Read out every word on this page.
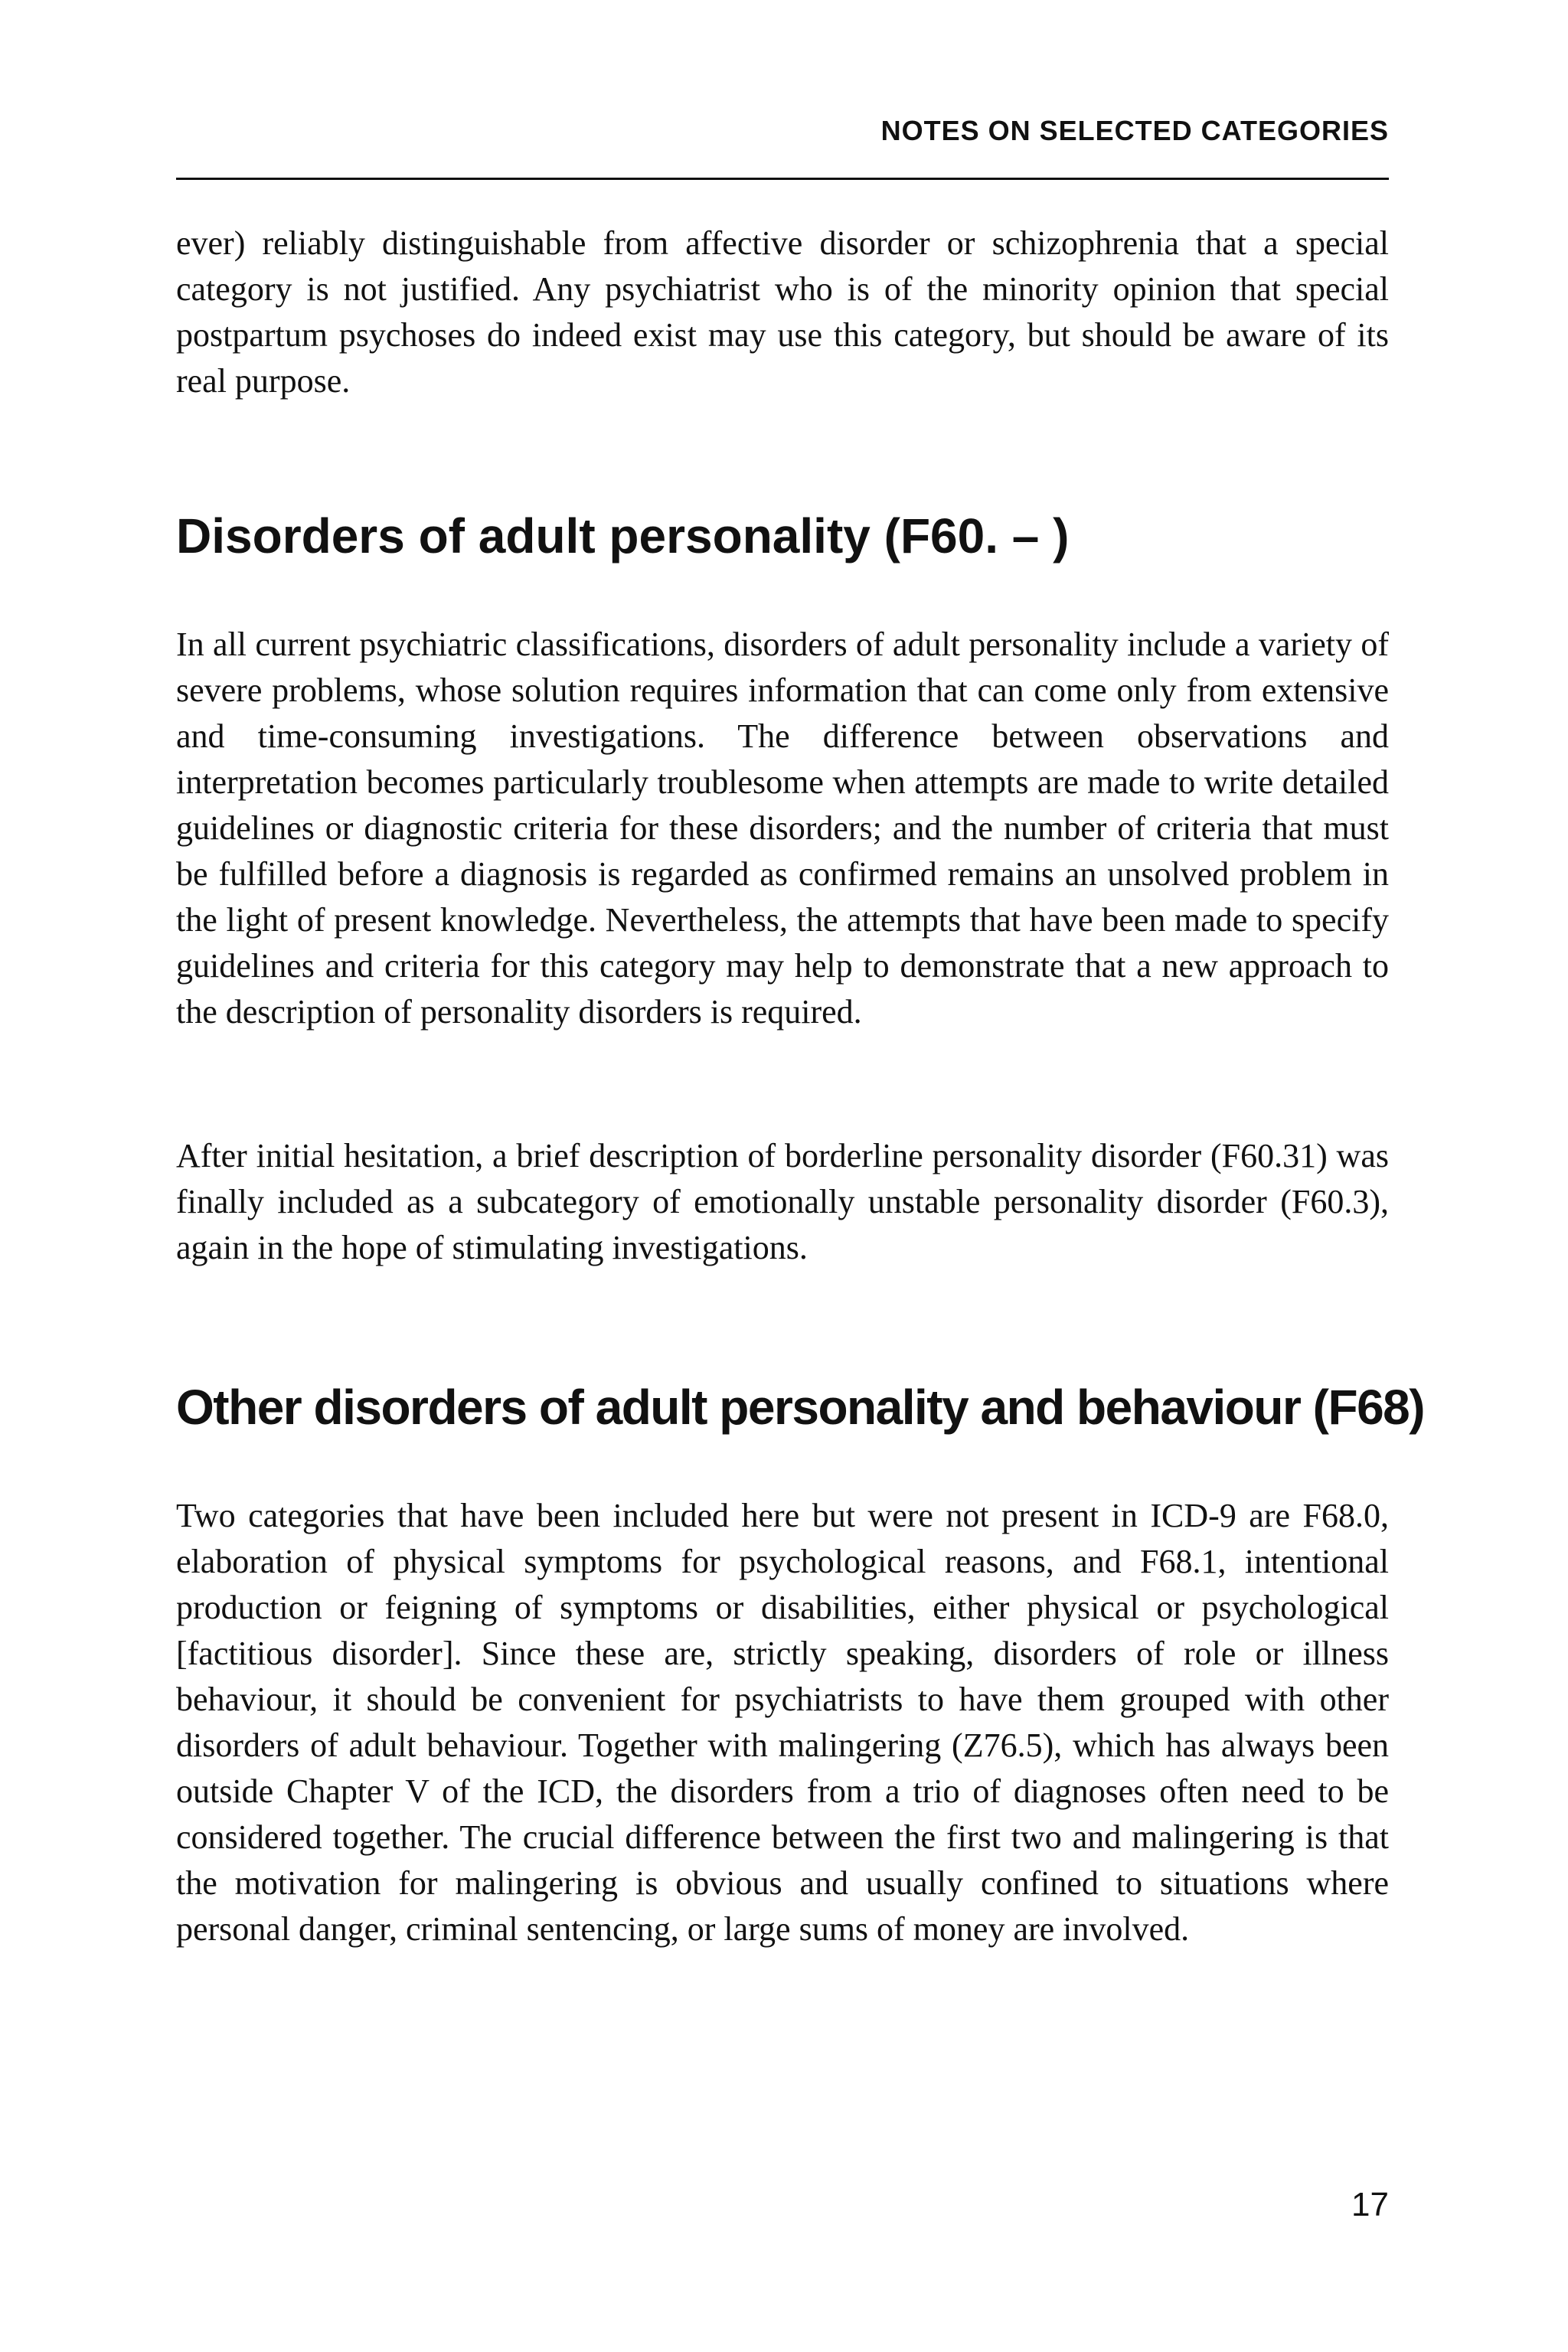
NOTES ON SELECTED CATEGORIES

ever) reliably distinguishable from affective disorder or schizophrenia that a special category is not justified. Any psychiatrist who is of the minority opinion that special postpartum psychoses do indeed exist may use this category, but should be aware of its real purpose.

Disorders of adult personality (F60. – )

In all current psychiatric classifications, disorders of adult personality include a variety of severe problems, whose solution requires information that can come only from extensive and time-consuming investigations. The difference between observations and interpretation becomes particularly troublesome when attempts are made to write detailed guidelines or diagnostic criteria for these disorders; and the number of criteria that must be fulfilled before a diagnosis is regarded as confirmed remains an unsolved problem in the light of present knowledge. Nevertheless, the attempts that have been made to specify guidelines and criteria for this category may help to demonstrate that a new approach to the description of personality disorders is required.

After initial hesitation, a brief description of borderline personality disorder (F60.31) was finally included as a subcategory of emotionally unstable personality disorder (F60.3), again in the hope of stimulating investigations.

Other disorders of adult personality and behaviour (F68)

Two categories that have been included here but were not present in ICD-9 are F68.0, elaboration of physical symptoms for psychological reasons, and F68.1, intentional production or feigning of symptoms or disabilities, either physical or psychological [factitious disorder]. Since these are, strictly speaking, disorders of role or illness behaviour, it should be convenient for psychiatrists to have them grouped with other disorders of adult behaviour. Together with malingering (Z76.5), which has always been outside Chapter V of the ICD, the disorders from a trio of diagnoses often need to be considered together. The crucial difference between the first two and malingering is that the motivation for malingering is obvious and usually confined to situations where personal danger, criminal sentencing, or large sums of money are involved.

17
